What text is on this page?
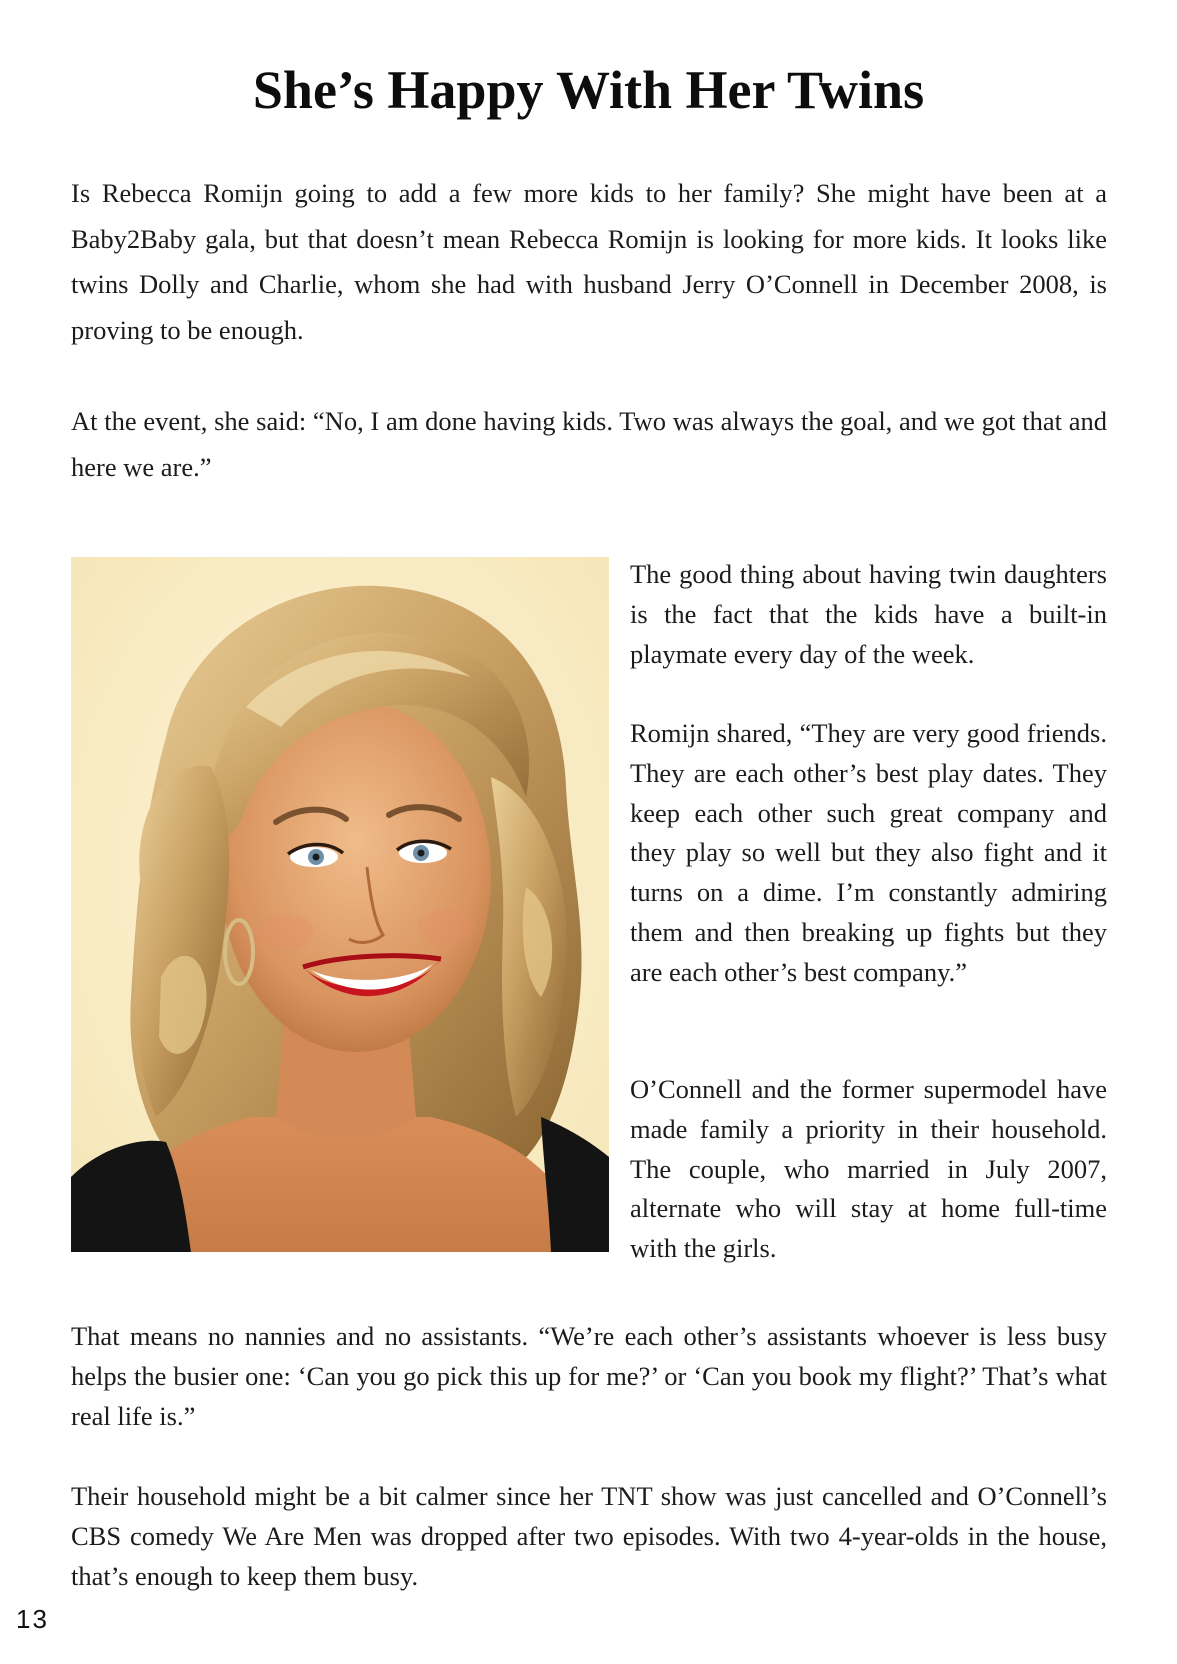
She’s Happy With Her Twins

Is Rebecca Romijn going to add a few more kids to her family? She might have been at a Baby2Baby gala, but that doesn’t mean Rebecca Romijn is looking for more kids. It looks like twins Dolly and Charlie, whom she had with husband Jerry O’Connell in December 2008, is proving to be enough.

At the event, she said: “No, I am done having kids. Two was always the goal, and we got that and here we are.”

The good thing about having twin daughters is the fact that the kids have a built-in playmate every day of the week.

Romijn shared, “They are very good friends. They are each other’s best play dates. They keep each other such great company and they play so well but they also fight and it turns on a dime. I’m constantly admiring them and then breaking up fights but they are each other’s best company.”

O’Connell and the former supermodel have made family a priority in their household. The couple, who married in July 2007, alternate who will stay at home full-time with the girls.

That means no nannies and no assistants. “We’re each other’s assistants whoever is less busy helps the busier one: ‘Can you go pick this up for me?’ or ‘Can you book my flight?’ That’s what real life is.”

Their household might be a bit calmer since her TNT show was just cancelled and O’Connell’s CBS comedy We Are Men was dropped after two episodes. With two 4-year-olds in the house, that’s enough to keep them busy.

13
